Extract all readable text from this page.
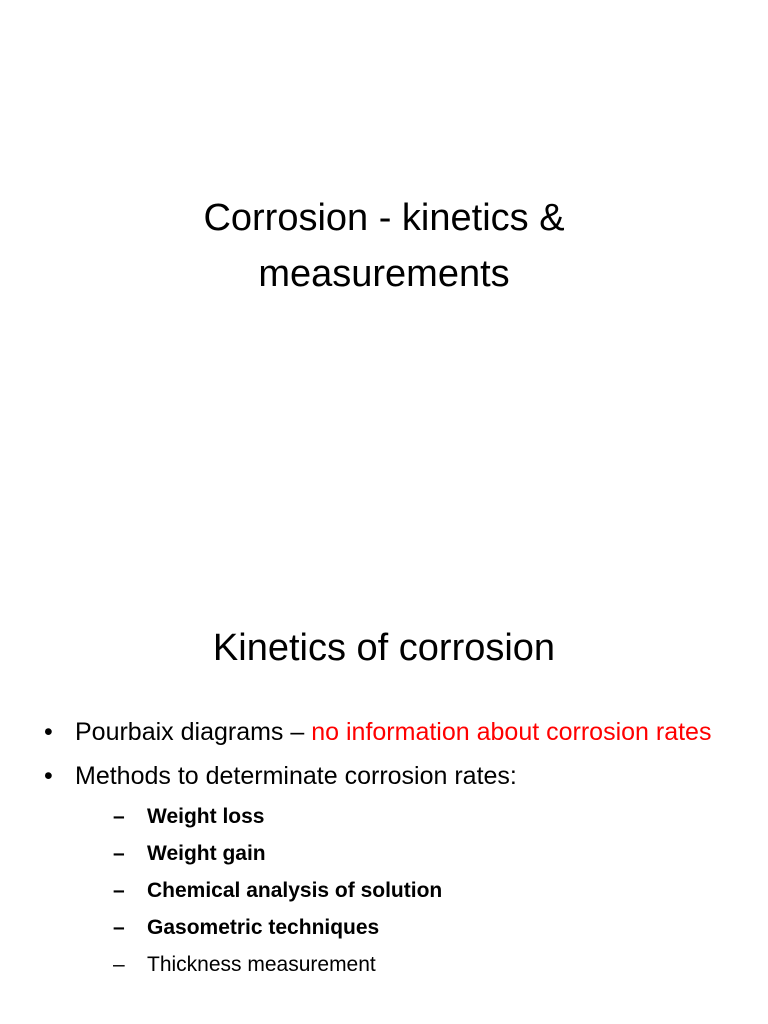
Corrosion - kinetics &
measurements
Kinetics of corrosion
• Pourbaix diagrams – no information about corrosion rates
• Methods to determinate corrosion rates:
– Weight loss
– Weight gain
– Chemical analysis of solution
– Gasometric techniques
– Thickness measurement
